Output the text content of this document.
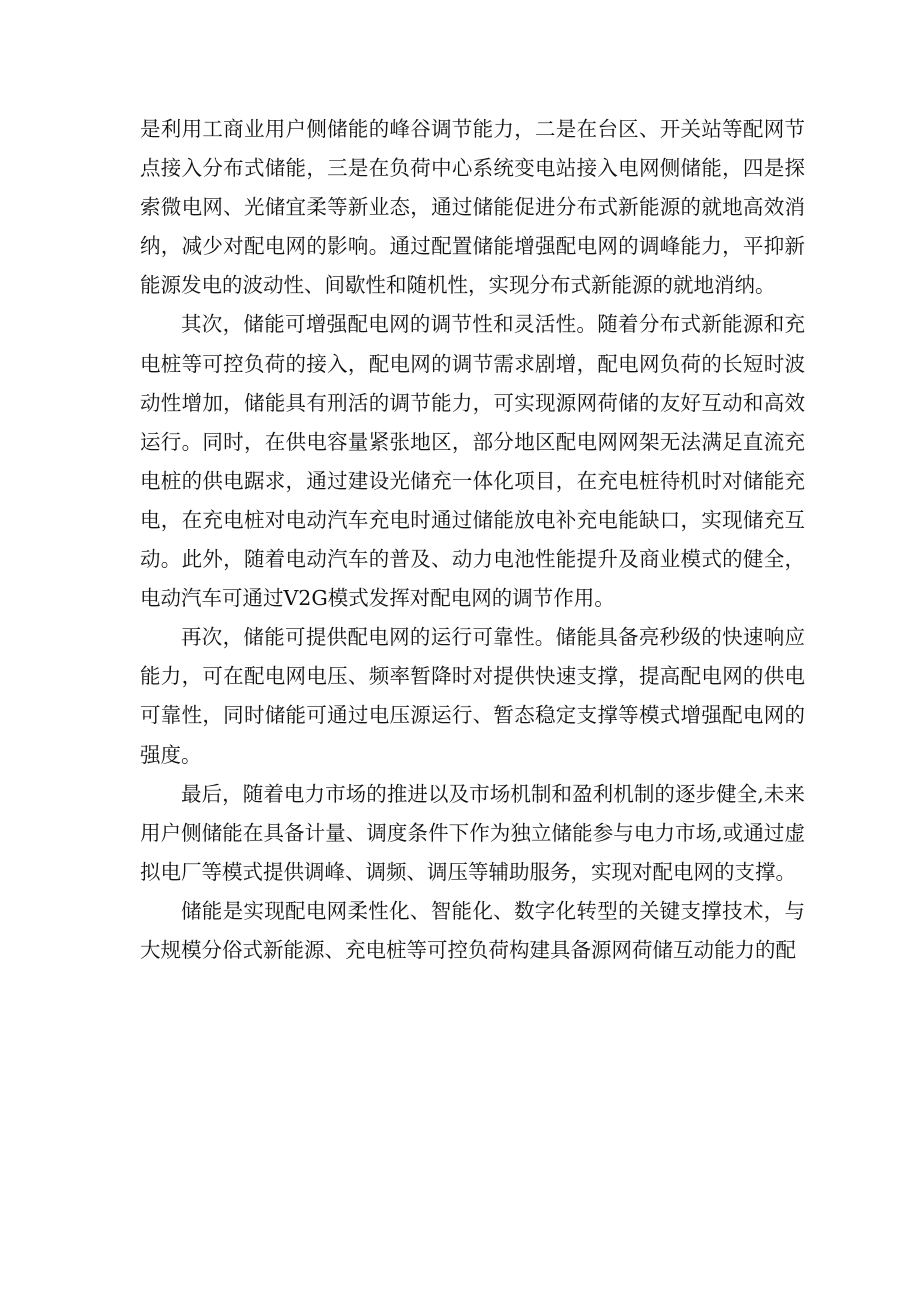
是利用工商业用户侧储能的峰谷调节能力，二是在台区、开关站等配网节点接入分布式储能，三是在负荷中心系统变电站接入电网侧储能，四是探索微电网、光储宜柔等新业态，通过储能促进分布式新能源的就地高效消纳，减少对配电网的影响。通过配置储能增强配电网的调峰能力，平抑新能源发电的波动性、间歇性和随机性，实现分布式新能源的就地消纳。

其次，储能可增强配电网的调节性和灵活性。随着分布式新能源和充电桩等可控负荷的接入，配电网的调节需求剧增，配电网负荷的长短时波动性增加，储能具有刑活的调节能力，可实现源网荷储的友好互动和高效运行。同时，在供电容量紧张地区，部分地区配电网网架无法满足直流充电桩的供电踞求，通过建设光储充一体化项目，在充电桩待机时对储能充电，在充电桩对电动汽车充电时通过储能放电补充电能缺口，实现储充互动。此外，随着电动汽车的普及、动力电池性能提升及商业模式的健全，电动汽车可通过V2G模式发挥对配电网的调节作用。

再次，储能可提供配电网的运行可靠性。储能具备亮秒级的快速响应能力，可在配电网电压、频率暂降时对提供快速支撑，提高配电网的供电可靠性，同时储能可通过电压源运行、暂态稳定支撑等模式增强配电网的强度。

最后，随着电力市场的推进以及市场机制和盈利机制的逐步健全,未来用户侧储能在具备计量、调度条件下作为独立储能参与电力市场,或通过虚拟电厂等模式提供调峰、调频、调压等辅助服务，实现对配电网的支撑。

储能是实现配电网柔性化、智能化、数字化转型的关键支撑技术，与大规模分俗式新能源、充电桩等可控负荷构建具备源网荷储互动能力的配
